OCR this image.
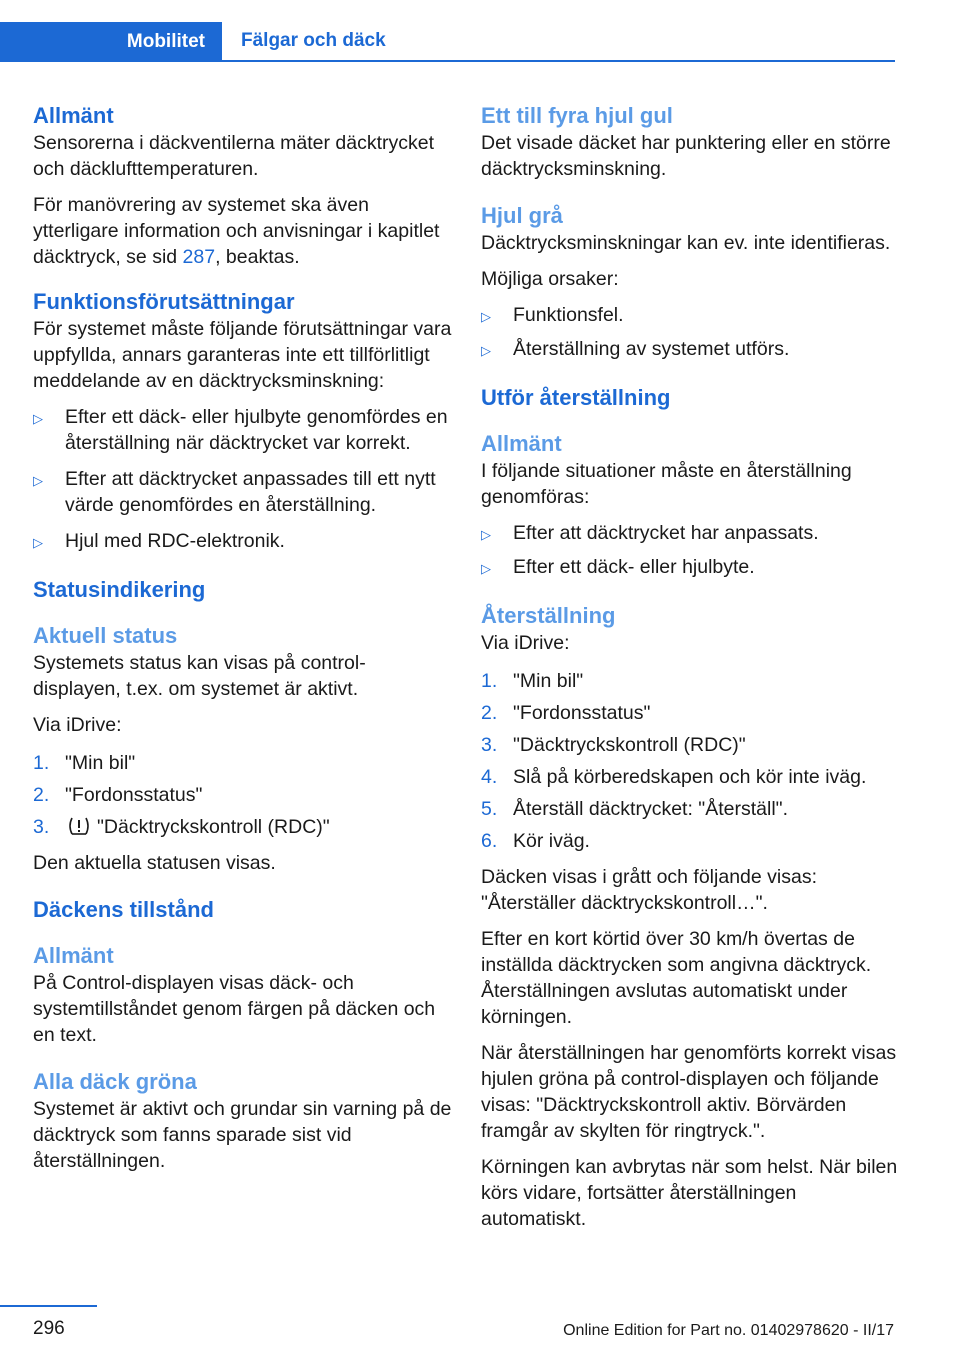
Mobilitet	Fälgar och däck
Allmänt

Sensorerna i däckventilerna mäter däcktrycket och däcklufttemperaturen.

För manövrering av systemet ska även ytterligare information och anvisningar i kapitlet däcktryck, se sid 287, beaktas.

Funktionsförutsättningar

För systemet måste följande förutsättningar vara uppfyllda, annars garanteras inte ett tillförlitligt meddelande av en däcktrycksminskning:

▷	Efter ett däck- eller hjulbyte genomfördes en återställning när däcktrycket var korrekt.
▷	Efter att däcktrycket anpassades till ett nytt värde genomfördes en återställning.
▷	Hjul med RDC-elektronik.
Statusindikering
Aktuell status

Systemets status kan visas på control-displayen, t.ex. om systemet är aktivt.

Via iDrive:

1. "Min bil"
2. "Fordonsstatus"
3.	"Däcktryckskontroll (RDC)"

Den aktuella statusen visas.

Däckens tillstånd
Allmänt

På Control-displayen visas däck- och systemtillståndet genom färgen på däcken och en text.

Alla däck gröna

Systemet är aktivt och grundar sin varning på de däcktryck som fanns sparade sist vid återställningen.

Ett till fyra hjul gul

Det visade däcket har punktering eller en större däcktrycksminskning.

Hjul grå

Däcktrycksminskningar kan ev. inte identifieras.

Möjliga orsaker:

▷	Funktionsfel.
▷	Återställning av systemet utförs.
Utför återställning
Allmänt

I följande situationer måste en återställning genomföras:

▷	Efter att däcktrycket har anpassats.
▷	Efter ett däck- eller hjulbyte.
Återställning

Via iDrive:

1. "Min bil"
2. "Fordonsstatus"
3. "Däcktryckskontroll (RDC)"
4. Slå på körberedskapen och kör inte iväg.
5. Återställ däcktrycket: "Återställ".
6. Kör iväg.

Däcken visas i grått och följande visas: "Återställer däcktryckskontroll…".

Efter en kort körtid över 30 km/h övertas de inställda däcktrycken som angivna däcktryck. Återställningen avslutas automatiskt under körningen.

När återställningen har genomförts korrekt visas hjulen gröna på control-displayen och följande visas: "Däcktryckskontroll aktiv. Börvärden framgår av skylten för ringtryck.".

Körningen kan avbrytas när som helst. När bilen körs vidare, fortsätter återställningen automatiskt.

296	Online Edition for Part no. 01402978620 - II/17
